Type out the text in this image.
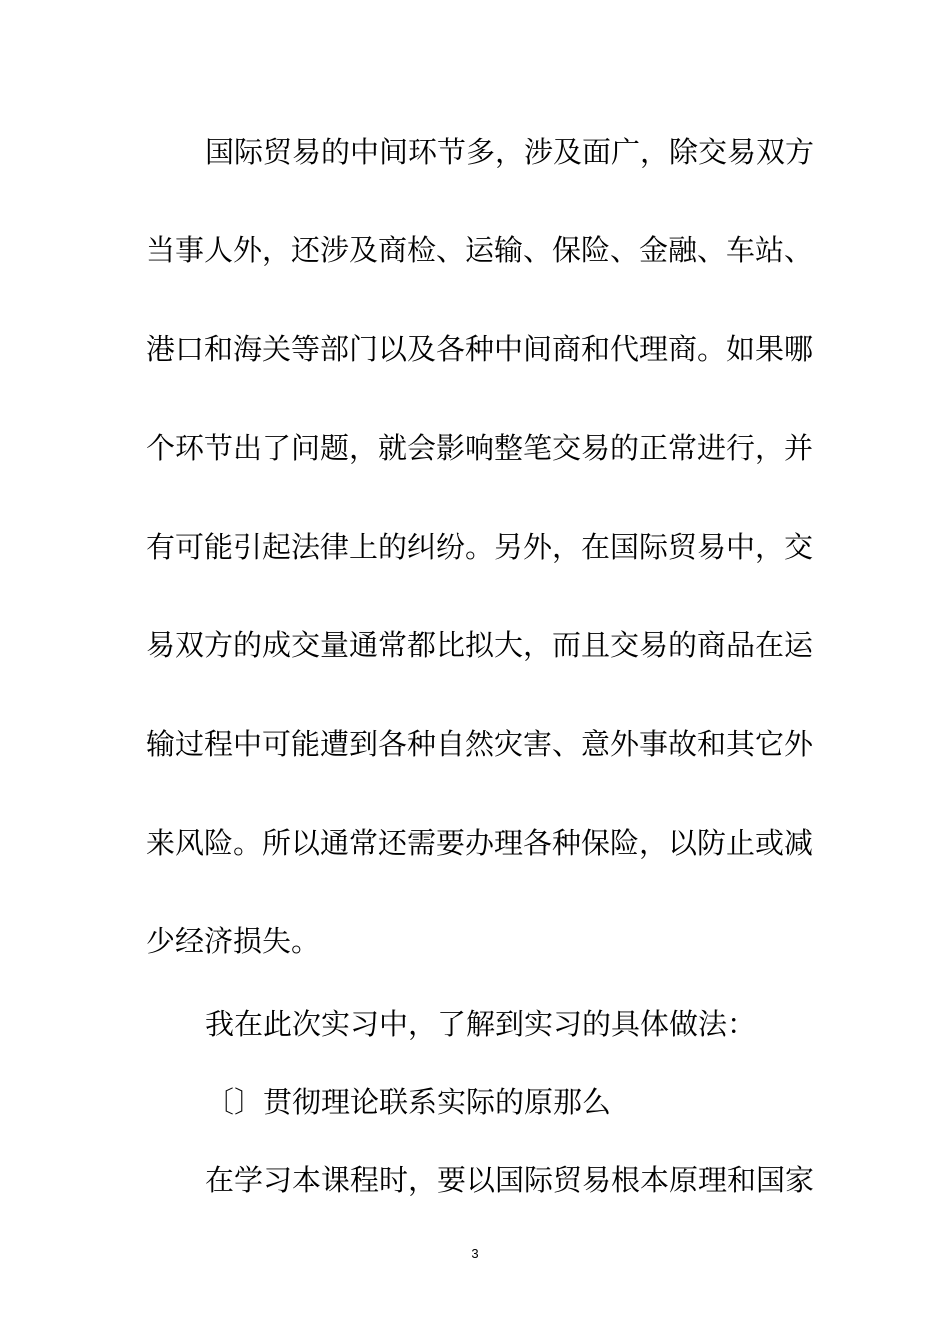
国际贸易的中间环节多，涉及面广，除交易双方
当事人外，还涉及商检、运输、保险、金融、车站、
港口和海关等部门以及各种中间商和代理商。如果哪
个环节出了问题，就会影响整笔交易的正常进行，并
有可能引起法律上的纠纷。另外，在国际贸易中，交
易双方的成交量通常都比拟大，而且交易的商品在运
输过程中可能遭到各种自然灾害、意外事故和其它外
来风险。所以通常还需要办理各种保险，以防止或减
少经济损失。
我在此次实习中，了解到实习的具体做法：
〔〕贯彻理论联系实际的原那么
在学习本课程时，要以国际贸易根本原理和国家
3
